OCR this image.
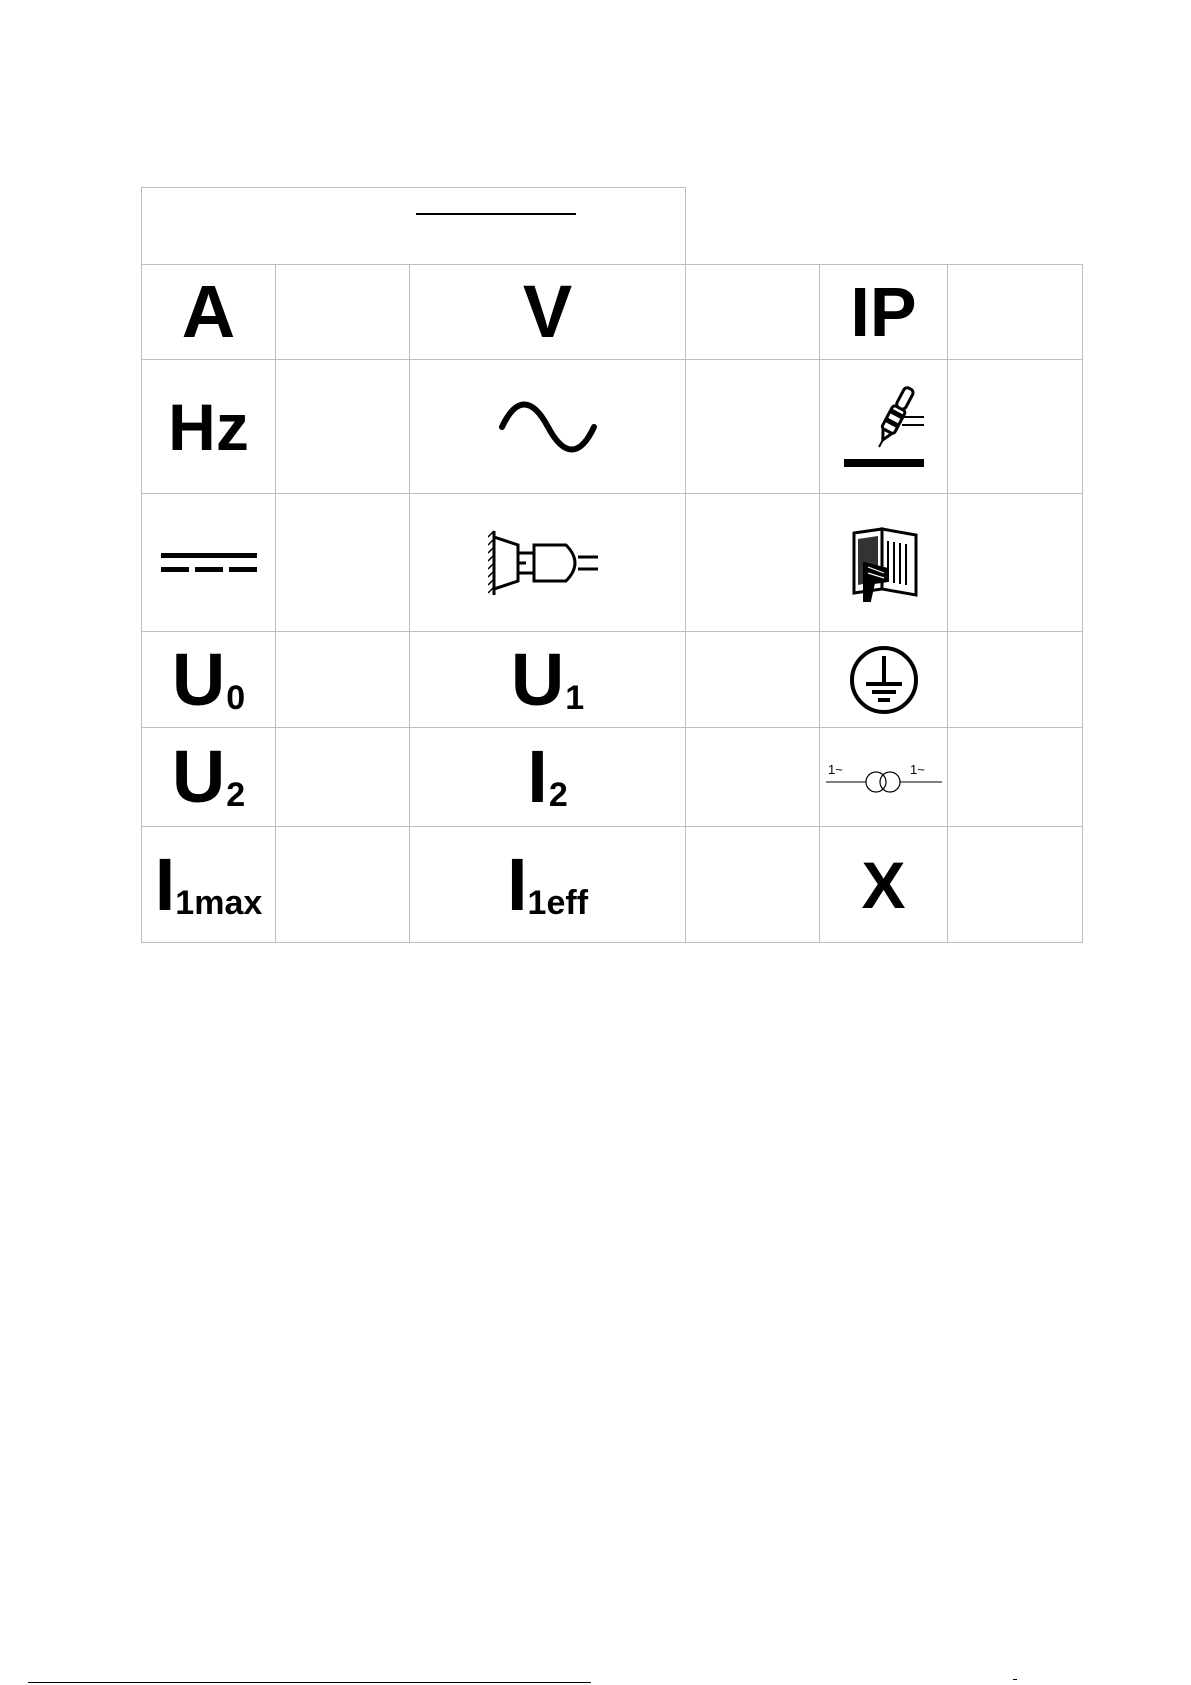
A		V		IP	
Hz		

U0		U1		

U2		I2		1~ 1~	

I1max		I1eff		X	
